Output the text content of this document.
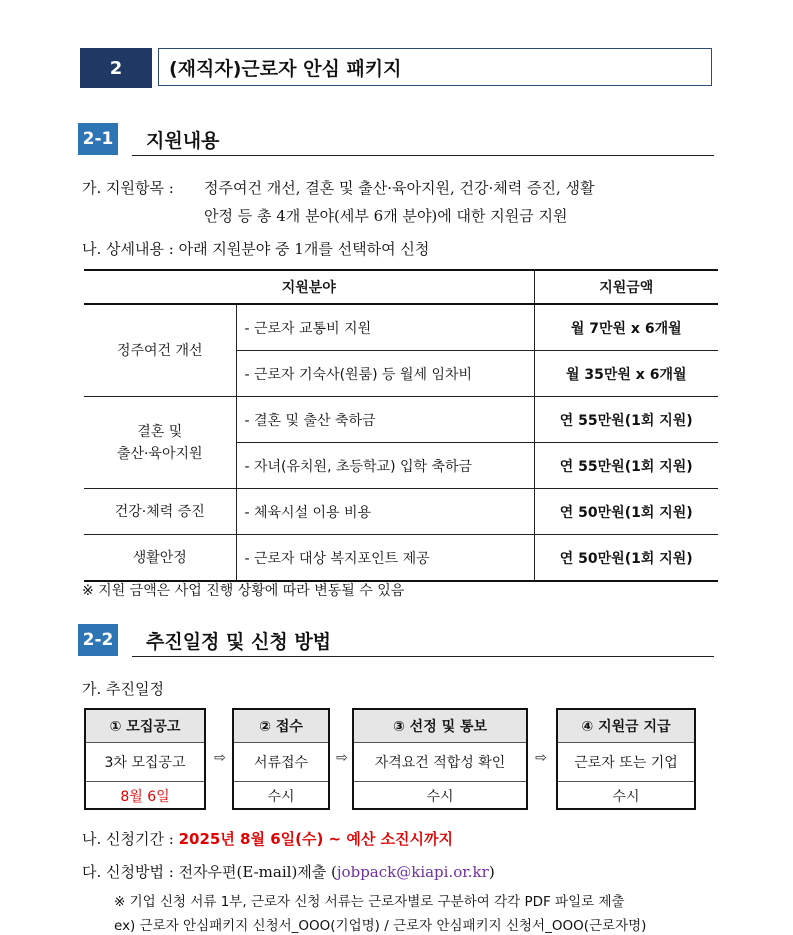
2 (재직자)근로자 안심 패키지
2-1 지원내용
가. 지원항목 : 정주여건 개선, 결혼 및 출산·육아지원, 건강·체력 증진, 생활
안정 등 총 4개 분야(세부 6개 분야)에 대한 지원금 지원
나. 상세내용 : 아래 지원분야 중 1개를 선택하여 신청
지원분야		지원금액
정주여건 개선	- 근로자 교통비 지원	월 7만원 x 6개월
	- 근로자 기숙사(원룸) 등 월세 임차비	월 35만원 x 6개월
결혼 및
출산·육아지원	- 결혼 및 출산 축하금	연 55만원(1회 지원)
	- 자녀(유치원, 초등학교) 입학 축하금	연 55만원(1회 지원)
건강·체력 증진	- 체육시설 이용 비용	연 50만원(1회 지원)
생활안정	- 근로자 대상 복지포인트 제공	연 50만원(1회 지원)
※ 지원 금액은 사업 진행 상황에 따라 변동될 수 있음
2-2 추진일정 및 신청 방법
가. 추진일정
① 모집공고
3차 모집공고
8월 6일
⇨
② 접수
서류접수
수시
⇨
③ 선정 및 통보
자격요건 적합성 확인
수시
⇨
④ 지원금 지급
근로자 또는 기업
수시
나. 신청기간 : 2025년 8월 6일(수) ~ 예산 소진시까지
다. 신청방법 : 전자우편(E-mail)제출 (jobpack@kiapi.or.kr)
※ 기업 신청 서류 1부, 근로자 신청 서류는 근로자별로 구분하여 각각 PDF 파일로 제출
ex) 근로자 안심패키지 신청서_OOO(기업명) / 근로자 안심패키지 신청서_OOO(근로자명)
